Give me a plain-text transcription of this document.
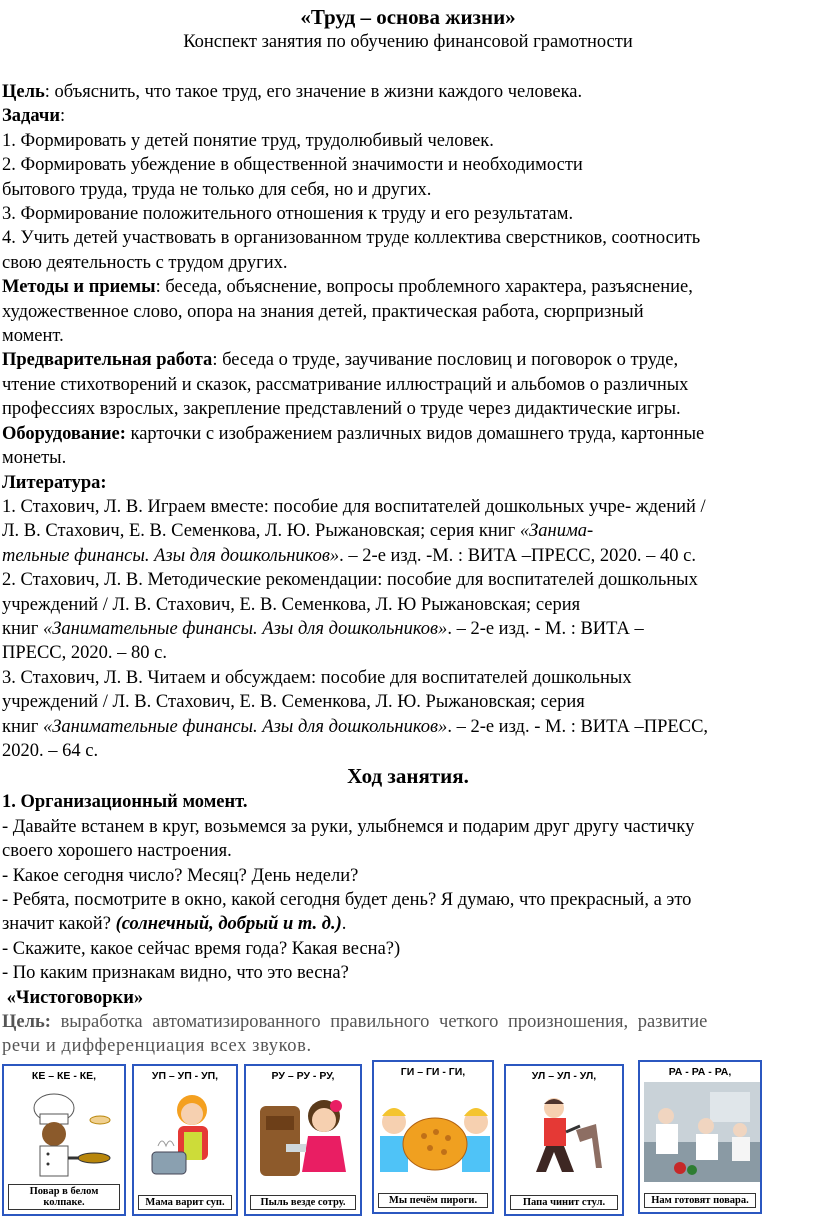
«Труд – основа жизни»
Конспект занятия по обучению финансовой грамотности

Цель: объяснить, что такое труд, его значение в жизни каждого человека.

Задачи:

1. Формировать у детей понятие труд, трудолюбивый человек.

2. Формировать убеждение в общественной значимости и необходимости

бытового труда, труда не только для себя, но и других.

3. Формирование положительного отношения к труду и его результатам.

4. Учить детей участвовать в организованном труде коллектива сверстников, соотносить

свою деятельность с трудом других.

Методы и приемы: беседа, объяснение, вопросы проблемного характера, разъяснение,

художественное слово, опора на знания детей, практическая работа, сюрпризный

момент.

Предварительная работа: беседа о труде, заучивание пословиц и поговорок о труде,

чтение стихотворений и сказок, рассматривание иллюстраций и альбомов о различных

профессиях взрослых, закрепление представлений о труде через дидактические игры.

Оборудование: карточки с изображением различных видов домашнего труда, картонные

монеты.

Литература:

1. Стахович, Л. В. Играем вместе: пособие для воспитателей дошкольных учре- ждений /

Л. В. Стахович, Е. В. Семенкова, Л. Ю. Рыжановская; серия книг «Занима-

тельные финансы. Азы для дошкольников». – 2-е изд. -М. : ВИТА –ПРЕСС, 2020. – 40 с.

2. Стахович, Л. В. Методические рекомендации: пособие для воспитателей дошкольных

учреждений / Л. В. Стахович, Е. В. Семенкова, Л. Ю Рыжановская; серия

книг «Занимательные финансы. Азы для дошкольников». – 2-е изд. - М. : ВИТА –

ПРЕСС, 2020. – 80 с.

3. Стахович, Л. В. Читаем и обсуждаем: пособие для воспитателей дошкольных

учреждений / Л. В. Стахович, Е. В. Семенкова, Л. Ю. Рыжановская; серия

книг «Занимательные финансы. Азы для дошкольников». – 2-е изд. - М. : ВИТА –ПРЕСС,

2020. – 64 с.

Ход занятия.

1. Организационный момент.

- Давайте встанем в круг, возьмемся за руки, улыбнемся и подарим друг другу частичку

своего хорошего настроения.

- Какое сегодня число? Месяц? День недели?

- Ребята, посмотрите в окно, какой сегодня будет день? Я думаю, что прекрасный, а это

значит какой? (солнечный, добрый и т. д.).

- Скажите, какое сейчас время года? Какая весна?)

- По каким признакам видно, что это весна?

«Чистоговорки»

Цель: выработка автоматизированного правильного четкого произношения, развитие

речи и дифференциация всех звуков.

КЕ – КЕ - КЕ,
Повар в белом колпаке.
УП – УП - УП,
Мама варит суп.
РУ – РУ - РУ,
Пыль везде сотру.
ГИ – ГИ - ГИ,
Мы печём пироги.
УЛ – УЛ - УЛ,
Папа чинит стул.
РА - РА - РА,
Нам готовят повара.
